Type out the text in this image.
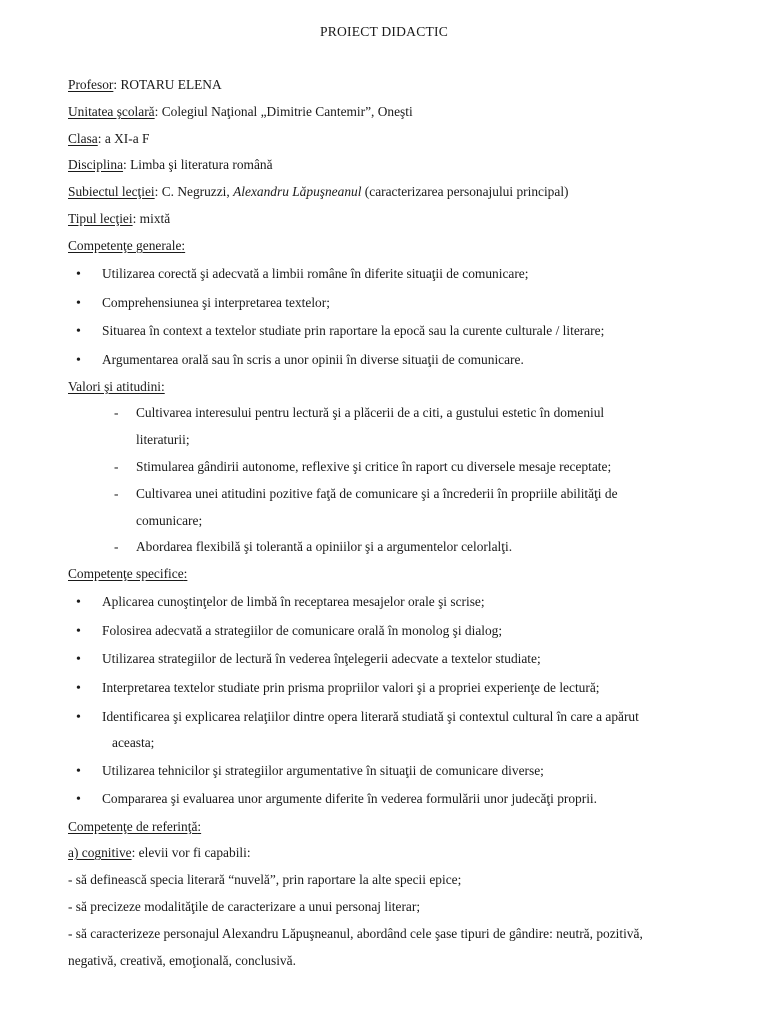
PROIECT DIDACTIC
Profesor: ROTARU ELENA
Unitatea şcolară: Colegiul Naţional „Dimitrie Cantemir”, Oneşti
Clasa: a XI-a F
Disciplina: Limba şi literatura română
Subiectul lecţiei: C. Negruzzi, Alexandru Lăpuşneanul (caracterizarea personajului principal)
Tipul lecţiei: mixtă
Competenţe generale:
•Utilizarea corectă şi adecvată a limbii române în diferite situaţii de comunicare;
•Comprehensiunea şi interpretarea textelor;
•Situarea în context a textelor studiate prin raportare la epocă sau la curente culturale / literare;
•Argumentarea orală sau în scris a unor opinii în diverse situaţii de comunicare.
Valori şi atitudini:
- Cultivarea interesului pentru lectură şi a plăcerii de a citi, a gustului estetic în domeniul
literaturii;
- Stimularea gândirii autonome, reflexive şi critice în raport cu diversele mesaje receptate;
- Cultivarea unei atitudini pozitive faţă de comunicare şi a încrederii în propriile abilităţi de
comunicare;
- Abordarea flexibilă şi tolerantă a opiniilor şi a argumentelor celorlalţi.
Competenţe specifice:
•Aplicarea cunoştinţelor de limbă în receptarea mesajelor orale şi scrise;
•Folosirea adecvată a strategiilor de comunicare orală în monolog şi dialog;
•Utilizarea strategiilor de lectură în vederea înţelegerii adecvate a textelor studiate;
•Interpretarea textelor studiate prin prisma propriilor valori şi a propriei experienţe de lectură;
•Identificarea şi explicarea relaţiilor dintre opera literară studiată şi contextul cultural în care a apărut
aceasta;
•Utilizarea tehnicilor şi strategiilor argumentative în situaţii de comunicare diverse;
•Compararea şi evaluarea unor argumente diferite în vederea formulării unor judecăţi proprii.
Competenţe de referinţă:
a) cognitive: elevii vor fi capabili:
- să definească specia literară “nuvelă”, prin raportare la alte specii epice;
- să precizeze modalităţile de caracterizare a unui personaj literar;
- să caracterizeze personajul Alexandru Lăpuşneanul, abordând cele şase tipuri de gândire: neutră, pozitivă,
negativă, creativă, emoţională, conclusivă.
